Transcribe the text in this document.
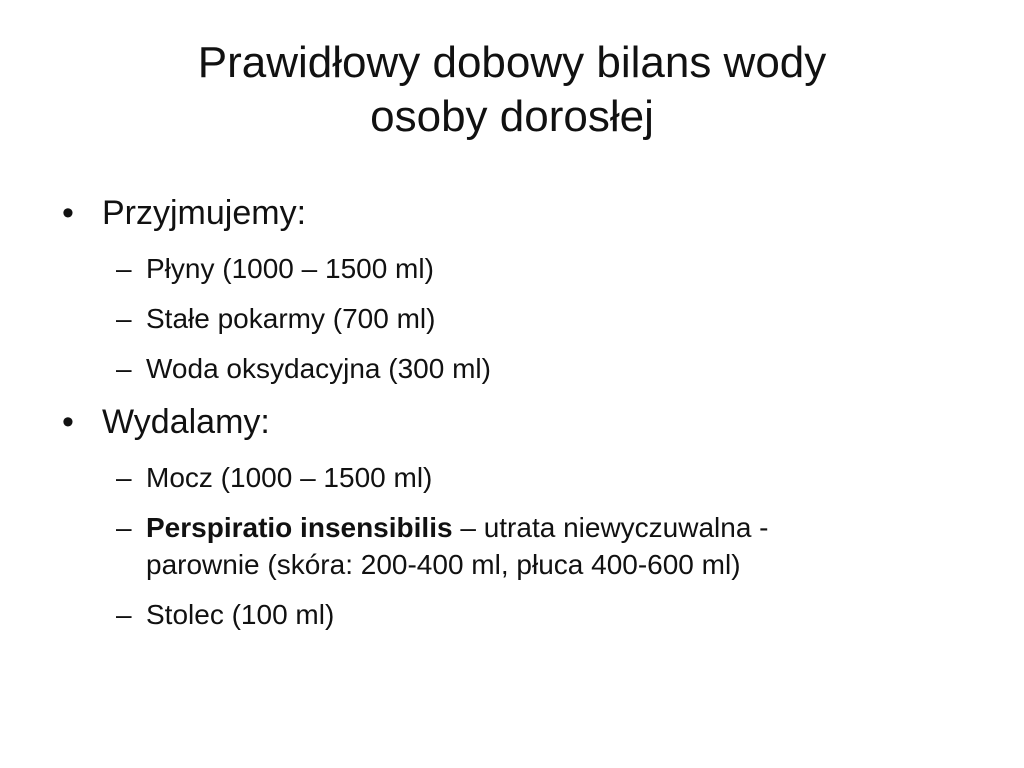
Prawidłowy dobowy bilans wody
osoby dorosłej
• Przyjmujemy:
– Płyny (1000 – 1500 ml)
– Stałe pokarmy (700 ml)
– Woda oksydacyjna (300 ml)
• Wydalamy:
– Mocz (1000 – 1500 ml)
– Perspiratio insensibilis – utrata niewyczuwalna -
parownie (skóra: 200-400 ml, płuca 400-600 ml)
– Stolec (100 ml)
